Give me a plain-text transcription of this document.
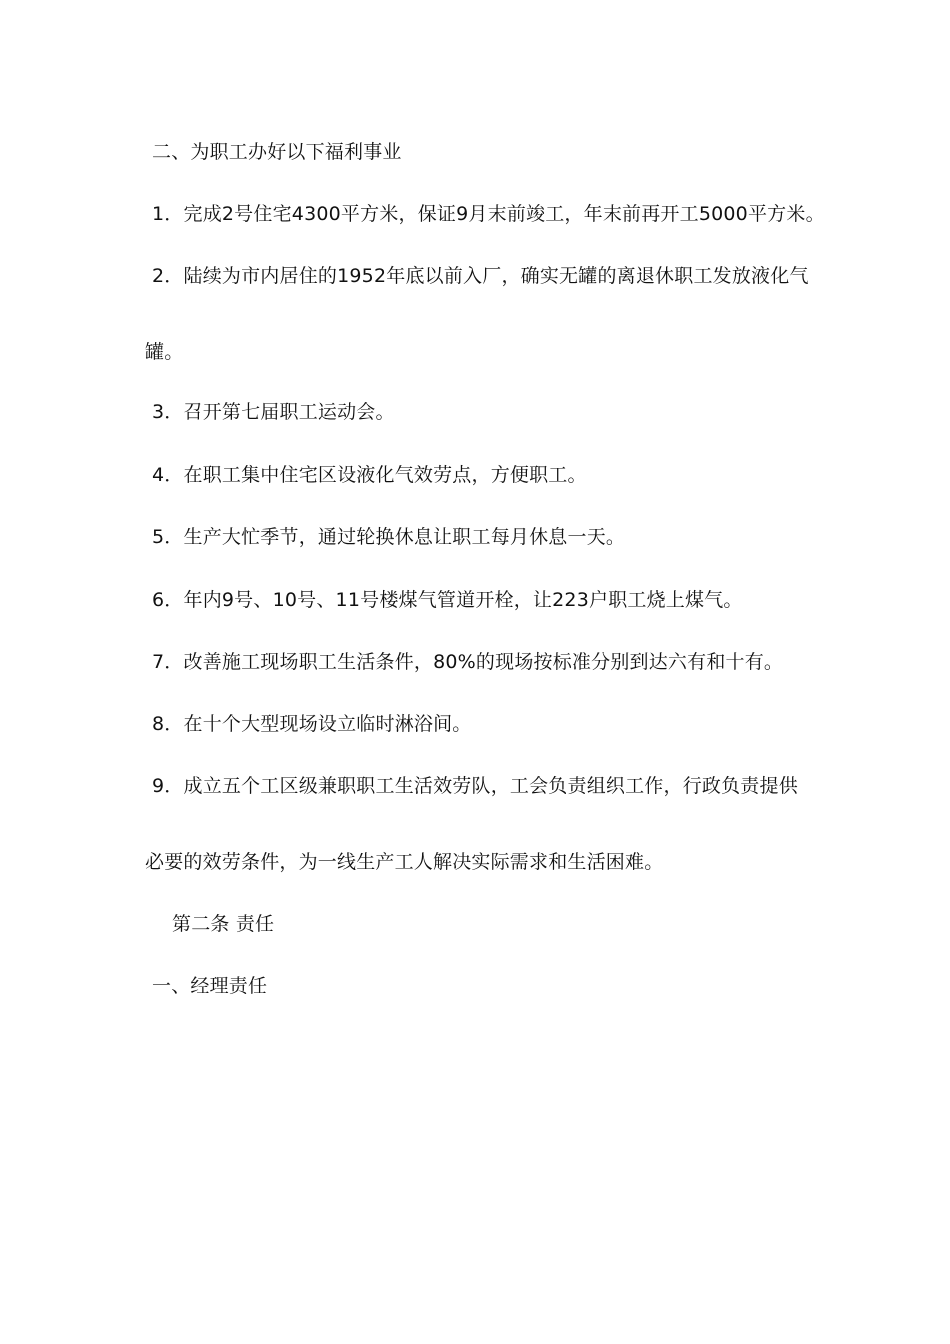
二、为职工办好以下福利事业
1．完成2号住宅4300平方米，保证9月末前竣工，年末前再开工5000平方米。
2．陆续为市内居住的1952年底以前入厂，确实无罐的离退休职工发放液化气
罐。
3．召开第七届职工运动会。
4．在职工集中住宅区设液化气效劳点，方便职工。
5．生产大忙季节，通过轮换休息让职工每月休息一天。
6．年内9号、10号、11号楼煤气管道开栓，让223户职工烧上煤气。
7．改善施工现场职工生活条件，80%的现场按标准分别到达六有和十有。
8．在十个大型现场设立临时淋浴间。
9．成立五个工区级兼职职工生活效劳队，工会负责组织工作，行政负责提供
必要的效劳条件，为一线生产工人解决实际需求和生活困难。
第二条 责任
一、经理责任
